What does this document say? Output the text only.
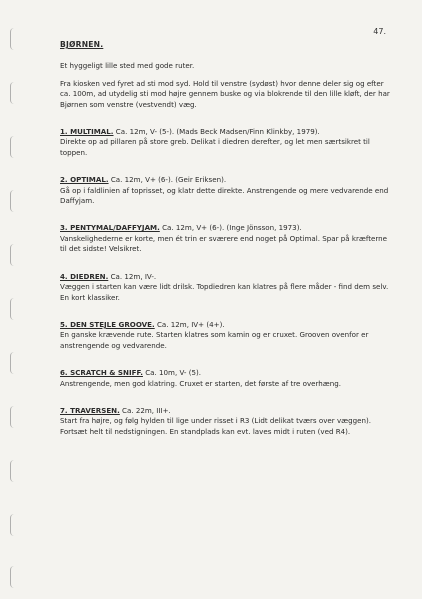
47.
BJØRNEN.

Et hyggeligt lille sted med gode ruter.

Fra kiosken ved fyret ad sti mod syd. Hold til venstre (sydøst) hvor denne deler sig og efter ca. 100m, ad utydelig sti mod højre gennem buske og via blokrende til den lille kløft, der har Bjørnen som venstre (vestvendt) væg.

1. MULTIMAL. Ca. 12m, V- (5-). (Mads Beck Madsen/Finn Klinkby, 1979).

Direkte op ad pillaren på store greb. Delikat i diedren derefter, og let men særtsikret til toppen.

2. OPTIMAL. Ca. 12m, V+ (6-). (Geir Eriksen).

Gå op i faldlinien af toprisset, og klatr dette direkte. Anstrengende og mere vedvarende end Daffyjam.

3. PENTYMAL/DAFFYJAM. Ca. 12m, V+ (6-). (Inge Jönsson, 1973).

Vanskelighederne er korte, men ét trin er sværere end noget på Optimal. Spar på kræfterne til det sidste! Velsikret.

4. DIEDREN. Ca. 12m, IV-.

Væggen i starten kan være lidt drilsk. Topdiedren kan klatres på flere måder - find dem selv. En kort klassiker.

5. DEN STEJLE GROOVE. Ca. 12m, IV+ (4+).

En ganske krævende rute. Starten klatres som kamin og er cruxet. Grooven ovenfor er anstrengende og vedvarende.

6. SCRATCH & SNIFF. Ca. 10m, V- (5).

Anstrengende, men god klatring. Cruxet er starten, det første af tre overhæng.

7. TRAVERSEN. Ca. 22m, III+.

Start fra højre, og følg hylden til lige under risset i R3 (Lidt delikat tværs over væggen). Fortsæt helt til nedstigningen. En standplads kan evt. laves midt i ruten (ved R4).
